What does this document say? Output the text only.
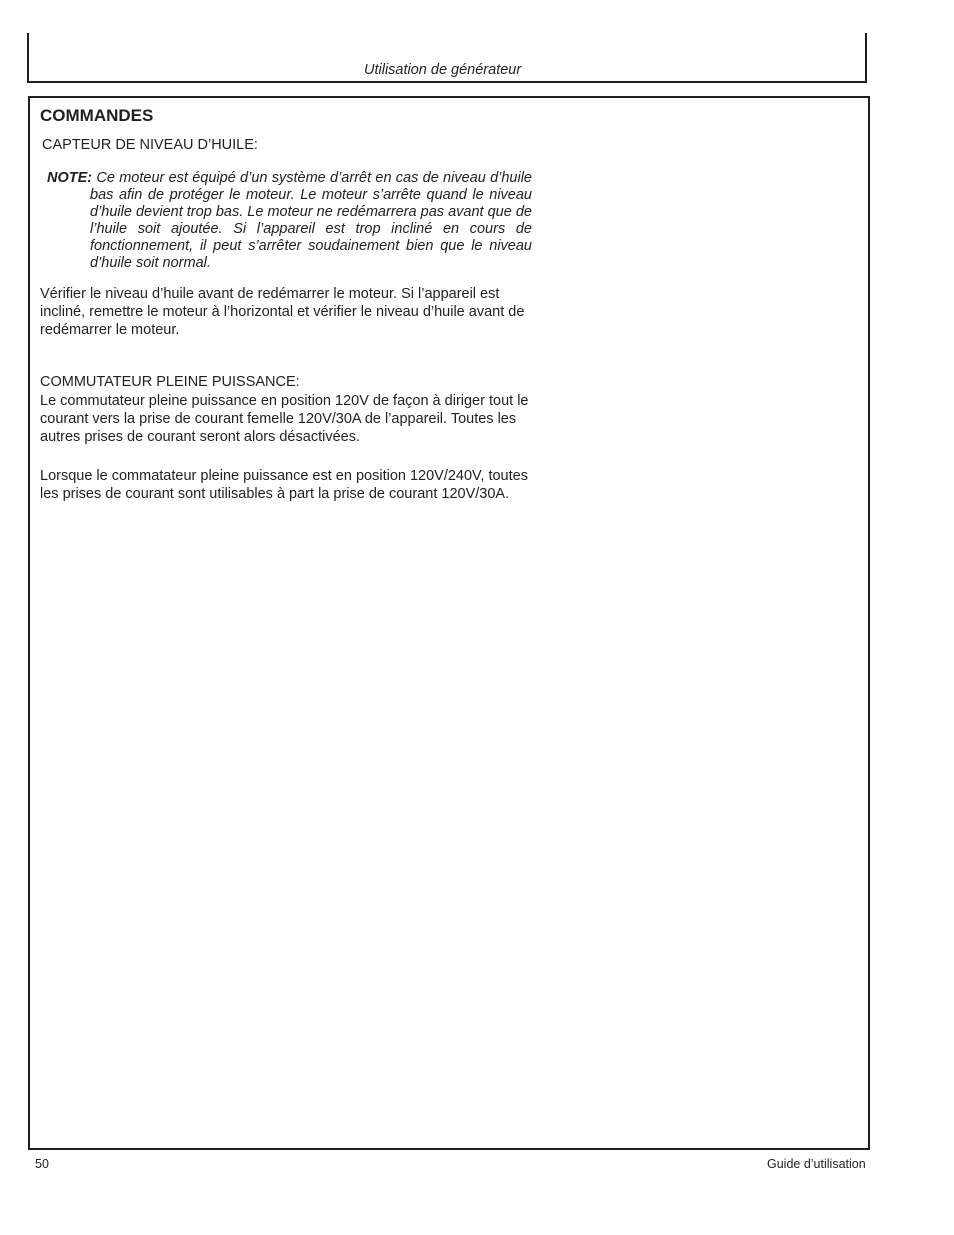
Utilisation de générateur
COMMANDES
CAPTEUR DE NIVEAU D’HUILE:
NOTE: Ce moteur est équipé d’un système d’arrêt en cas de niveau d’huile bas afin de protéger le moteur. Le moteur s’arrête quand le niveau d’huile devient trop bas. Le moteur ne redémarrera pas avant que de l’huile soit ajoutée. Si l’appareil est trop incliné en cours de fonctionnement, il peut s’arrêter soudainement bien que le niveau d’huile soit normal.
Vérifier le niveau d’huile avant de redémarrer le moteur. Si l’appareil est incliné, remettre le moteur à l’horizontal et vérifier le niveau d’huile avant de redémarrer le moteur.
COMMUTATEUR PLEINE PUISSANCE:
Le commutateur pleine puissance en position 120V de façon à diriger tout le courant vers la prise de courant femelle 120V/30A de l’appareil. Toutes les autres prises de courant seront alors désactivées.
Lorsque le commatateur pleine puissance est en position 120V/240V, toutes les prises de courant sont utilisables à part la prise de courant 120V/30A.
50	Guide d’utilisation
